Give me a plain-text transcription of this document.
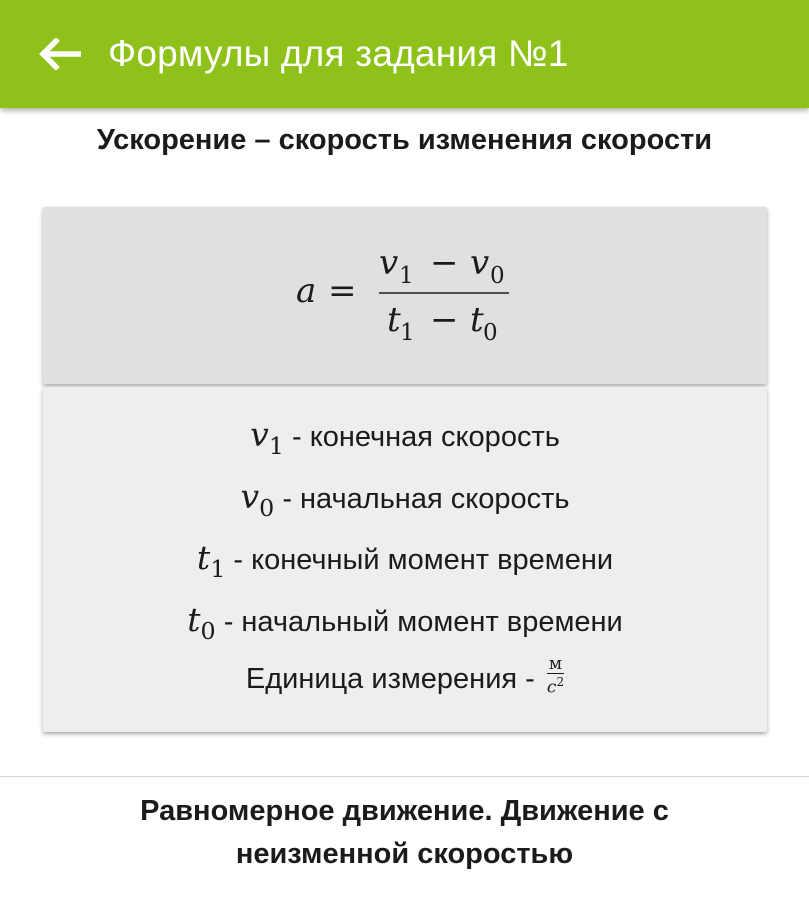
Формулы для задания №1
Ускорение – скорость изменения скорости
a =
v 1 − v 0
t 1 − t 0
$v_1$ - конечная скорость
$v_0$ - начальная скорость
$t_1$ - конечный момент времени
$t_0$ - начальный момент времени
Единица измерения - $\frac{м}{с^2}$
Равномерное движение. Движение с
неизменной скоростью
